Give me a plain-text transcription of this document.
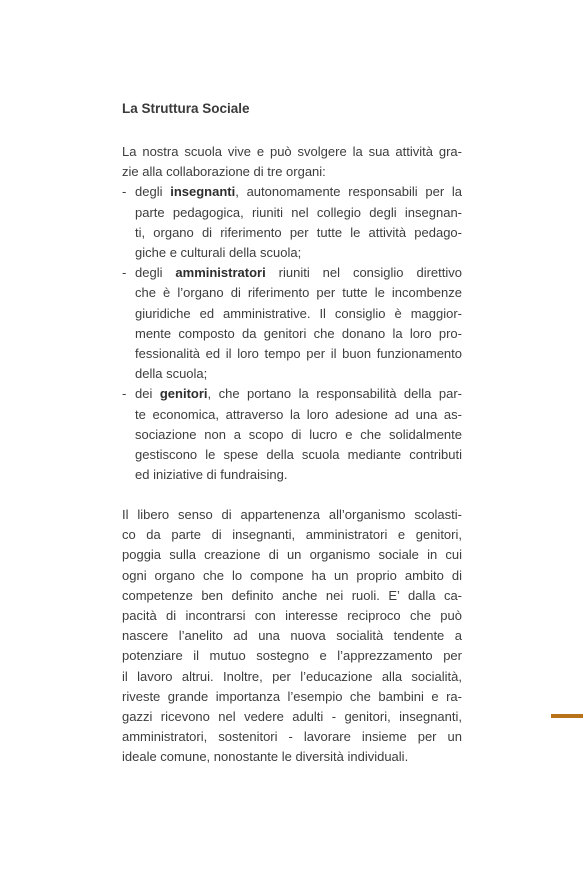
La Struttura Sociale
La nostra scuola vive e può svolgere la sua attività gra-
zie alla collaborazione di tre organi:
- degli insegnanti, autonomamente responsabili per la
parte pedagogica, riuniti nel collegio degli insegnan-
ti, organo di riferimento per tutte le attività pedago-
giche e culturali della scuola;
- degli amministratori riuniti nel consiglio direttivo
che è l’organo di riferimento per tutte le incombenze
giuridiche ed amministrative. Il consiglio è maggior-
mente composto da genitori che donano la loro pro-
fessionalità ed il loro tempo per il buon funzionamento
della scuola;
- dei genitori, che portano la responsabilità della par-
te economica, attraverso la loro adesione ad una as-
sociazione non a scopo di lucro e che solidalmente
gestiscono le spese della scuola mediante contributi
ed iniziative di fundraising.
Il libero senso di appartenenza all’organismo scolasti-
co da parte di insegnanti, amministratori e genitori,
poggia sulla creazione di un organismo sociale in cui
ogni organo che lo compone ha un proprio ambito di
competenze ben definito anche nei ruoli. E’ dalla ca-
pacità di incontrarsi con interesse reciproco che può
nascere l’anelito ad una nuova socialità tendente a
potenziare il mutuo sostegno e l’apprezzamento per
il lavoro altrui. Inoltre, per l’educazione alla socialità,
riveste grande importanza l’esempio che bambini e ra-
gazzi ricevono nel vedere adulti - genitori, insegnanti,
amministratori, sostenitori - lavorare insieme per un
ideale comune, nonostante le diversità individuali.
